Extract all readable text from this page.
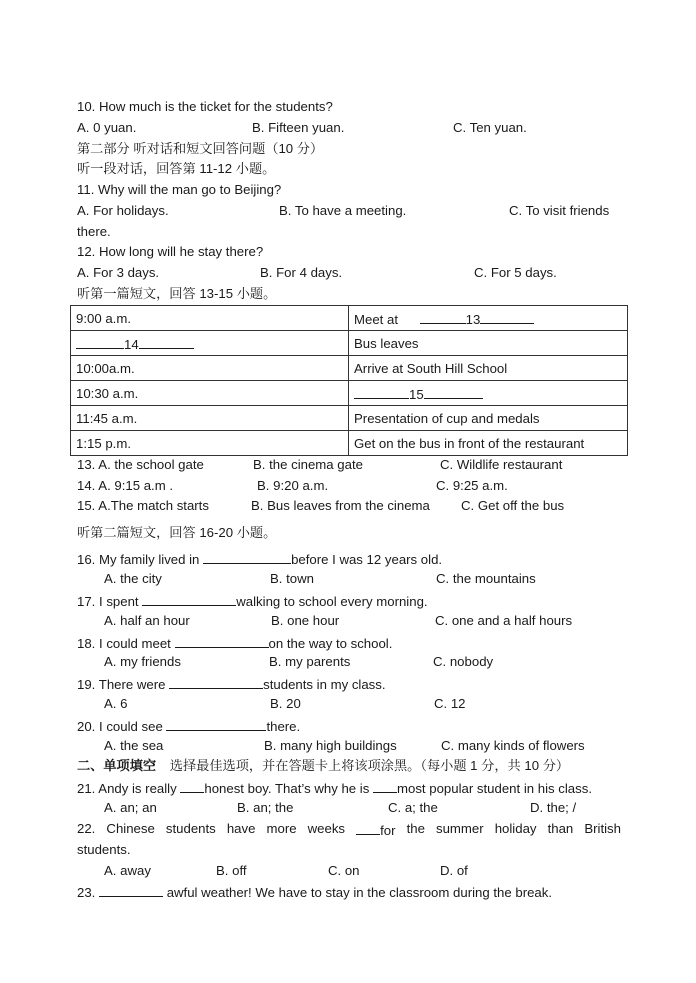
10. How much is the ticket for the students?
A. 0 yuan.	B. Fifteen yuan.	C. Ten yuan.
第二部分 听对话和短文回答问题（10 分）
听一段对话，回答第 11-12 小题。
11. Why will the man go to Beijing?
A. For holidays.	B. To have a meeting.	C. To visit friends
there.
12. How long will he stay there?
A. For 3 days.	B. For 4 days.	C. For 5 days.
听第一篇短文，回答 13-15 小题。
9:00 a.m.	Meet at 13
14	Bus leaves
10:00a.m.	Arrive at South Hill School
10:30 a.m.	15
11:45 a.m.	Presentation of cup and medals
1:15 p.m.	Get on the bus in front of the restaurant
13. A. the school gate	B. the cinema gate	C. Wildlife restaurant
14. A. 9:15 a.m .	B. 9:20 a.m.	C. 9:25 a.m.
15. A.The match starts	B. Bus leaves from the cinema C. Get off the bus
听第二篇短文，回答 16-20 小题。
16. My family lived in	before I was 12 years old.
A. the city	B. town	C. the mountains
17. I spent	walking to school every morning.
A. half an hour	B. one hour	C. one and a half hours
18. I could meet	on the way to school.
A. my friends	B. my parents	C. nobody
19. There were	students in my class.
A. 6	B. 20	C. 12
20. I could see	there.
A. the sea	B. many high buildings	C. many kinds of flowers
二、单项填空 选择最佳选项，并在答题卡上将该项涂黑。（每小题 1 分，共 10 分）
21. Andy is really honest boy. That’s why he is most popular student in his class.
A. an; an	B. an; the	C. a; the	D. the; /
22. Chinese students have more weeks	for the summer holiday than British
students.
A. away	B. off	C. on	D. of
23.	awful weather! We have to stay in the classroom during the break.
